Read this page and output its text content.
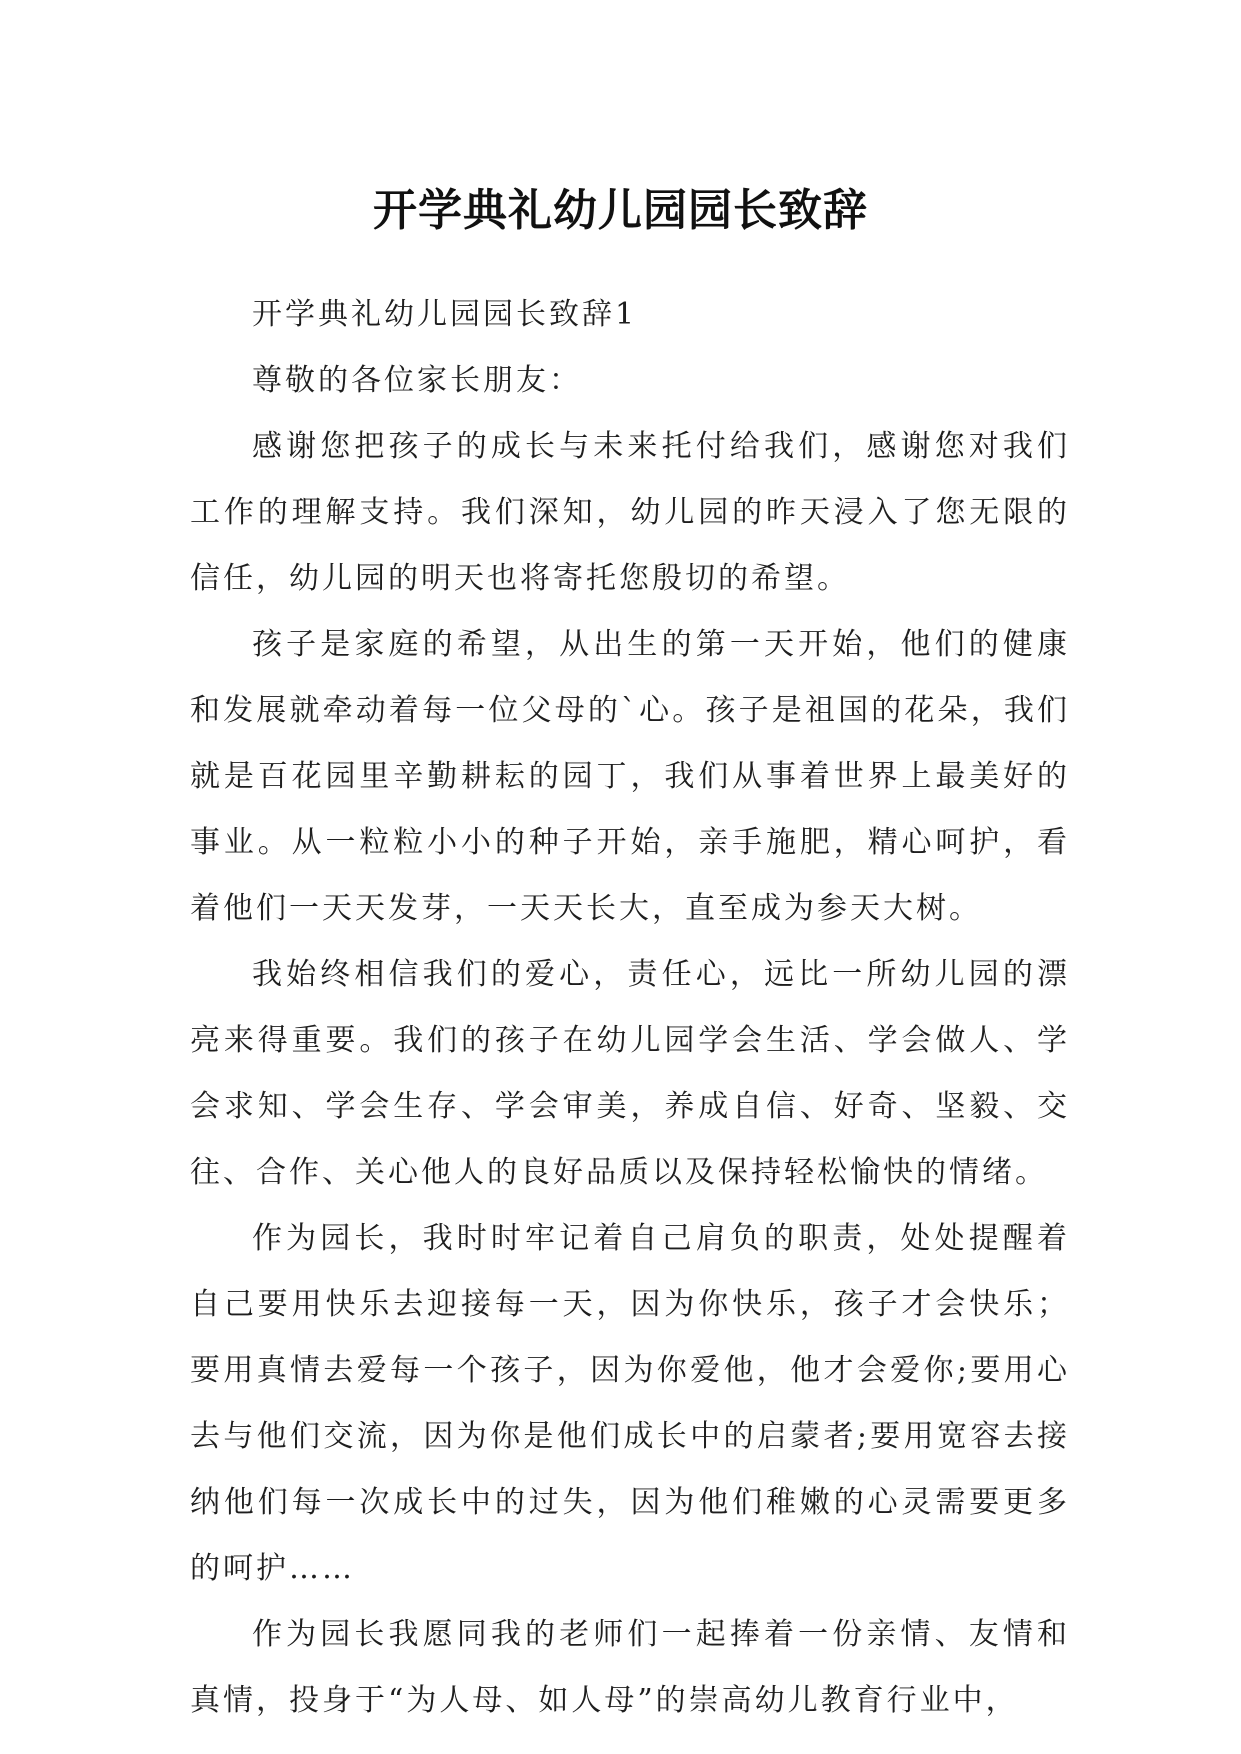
开学典礼幼儿园园长致辞

开学典礼幼儿园园长致辞1

尊敬的各位家长朋友：

感谢您把孩子的成长与未来托付给我们，感谢您对我们工作的理解支持。我们深知，幼儿园的昨天浸入了您无限的信任，幼儿园的明天也将寄托您殷切的希望。

孩子是家庭的希望，从出生的第一天开始，他们的健康和发展就牵动着每一位父母的`心。孩子是祖国的花朵，我们就是百花园里辛勤耕耘的园丁，我们从事着世界上最美好的事业。从一粒粒小小的种子开始，亲手施肥，精心呵护，看着他们一天天发芽，一天天长大，直至成为参天大树。

我始终相信我们的爱心，责任心，远比一所幼儿园的漂亮来得重要。我们的孩子在幼儿园学会生活、学会做人、学会求知、学会生存、学会审美，养成自信、好奇、坚毅、交往、合作、关心他人的良好品质以及保持轻松愉快的情绪。

作为园长，我时时牢记着自己肩负的职责，处处提醒着自己要用快乐去迎接每一天，因为你快乐，孩子才会快乐；要用真情去爱每一个孩子，因为你爱他，他才会爱你;要用心去与他们交流，因为你是他们成长中的启蒙者;要用宽容去接纳他们每一次成长中的过失，因为他们稚嫩的心灵需要更多的呵护……

作为园长我愿同我的老师们一起捧着一份亲情、友情和真情，投身于“为人母、如人母”的崇高幼儿教育行业中，
